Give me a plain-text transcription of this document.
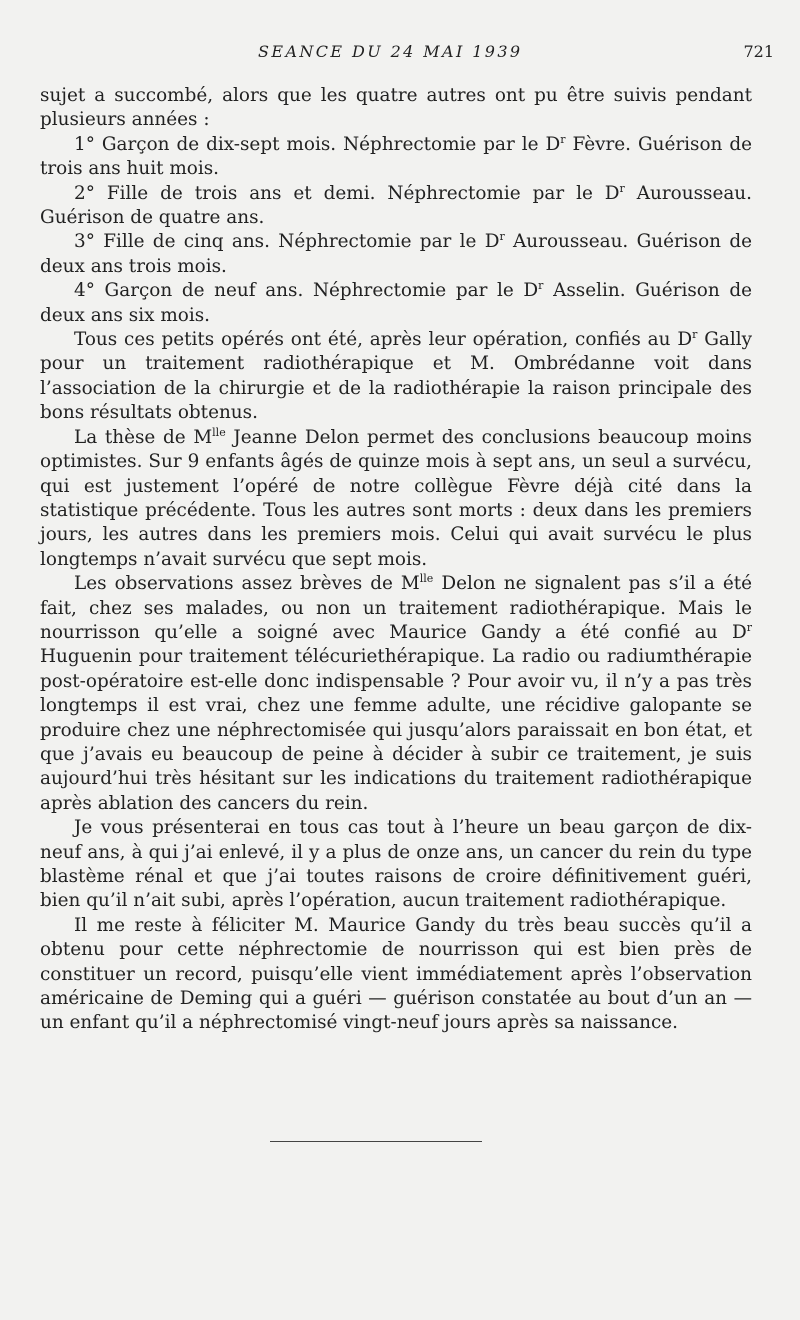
SEANCE DU 24 MAI 1939	721

sujet a succombé, alors que les quatre autres ont pu être suivis pendant plusieurs années :

1° Garçon de dix-sept mois. Néphrectomie par le $D^r$ Fèvre. Guérison de trois ans huit mois.

2° Fille de trois ans et demi. Néphrectomie par le $D^r$ Aurousseau. Guérison de quatre ans.

3° Fille de cinq ans. Néphrectomie par le $D^r$ Aurousseau. Guérison de deux ans trois mois.

4° Garçon de neuf ans. Néphrectomie par le $D^r$ Asselin. Guérison de deux ans six mois.

Tous ces petits opérés ont été, après leur opération, confiés au $D^r$ Gally pour un traitement radiothérapique et M. Ombrédanne voit dans l’association de la chirurgie et de la radiothérapie la raison principale des bons résultats obtenus.

La thèse de $M^{lle}$ Jeanne Delon permet des conclusions beaucoup moins optimistes. Sur 9 enfants âgés de quinze mois à sept ans, un seul a survécu, qui est justement l’opéré de notre collègue Fèvre déjà cité dans la statistique précédente. Tous les autres sont morts : deux dans les premiers jours, les autres dans les premiers mois. Celui qui avait survécu le plus longtemps n’avait survécu que sept mois.

Les observations assez brèves de $M^{lle}$ Delon ne signalent pas s’il a été fait, chez ses malades, ou non un traitement radiothérapique. Mais le nourrisson qu’elle a soigné avec Maurice Gandy a été confié au $D^r$ Huguenin pour traitement télécuriethérapique. La radio ou radiumthérapie post-opératoire est-elle donc indispensable ? Pour avoir vu, il n’y a pas très longtemps il est vrai, chez une femme adulte, une récidive galopante se produire chez une néphrectomisée qui jusqu’alors paraissait en bon état, et que j’avais eu beaucoup de peine à décider à subir ce traitement, je suis aujourd’hui très hésitant sur les indications du traitement radiothérapique après ablation des cancers du rein.

Je vous présenterai en tous cas tout à l’heure un beau garçon de dix-neuf ans, à qui j’ai enlevé, il y a plus de onze ans, un cancer du rein du type blastème rénal et que j’ai toutes raisons de croire définitivement guéri, bien qu’il n’ait subi, après l’opération, aucun traitement radiothérapique.

Il me reste à féliciter M. Maurice Gandy du très beau succès qu’il a obtenu pour cette néphrectomie de nourrisson qui est bien près de constituer un record, puisqu’elle vient immédiatement après l’observation américaine de Deming qui a guéri — guérison constatée au bout d’un an — un enfant qu’il a néphrectomisé vingt-neuf jours après sa naissance.
